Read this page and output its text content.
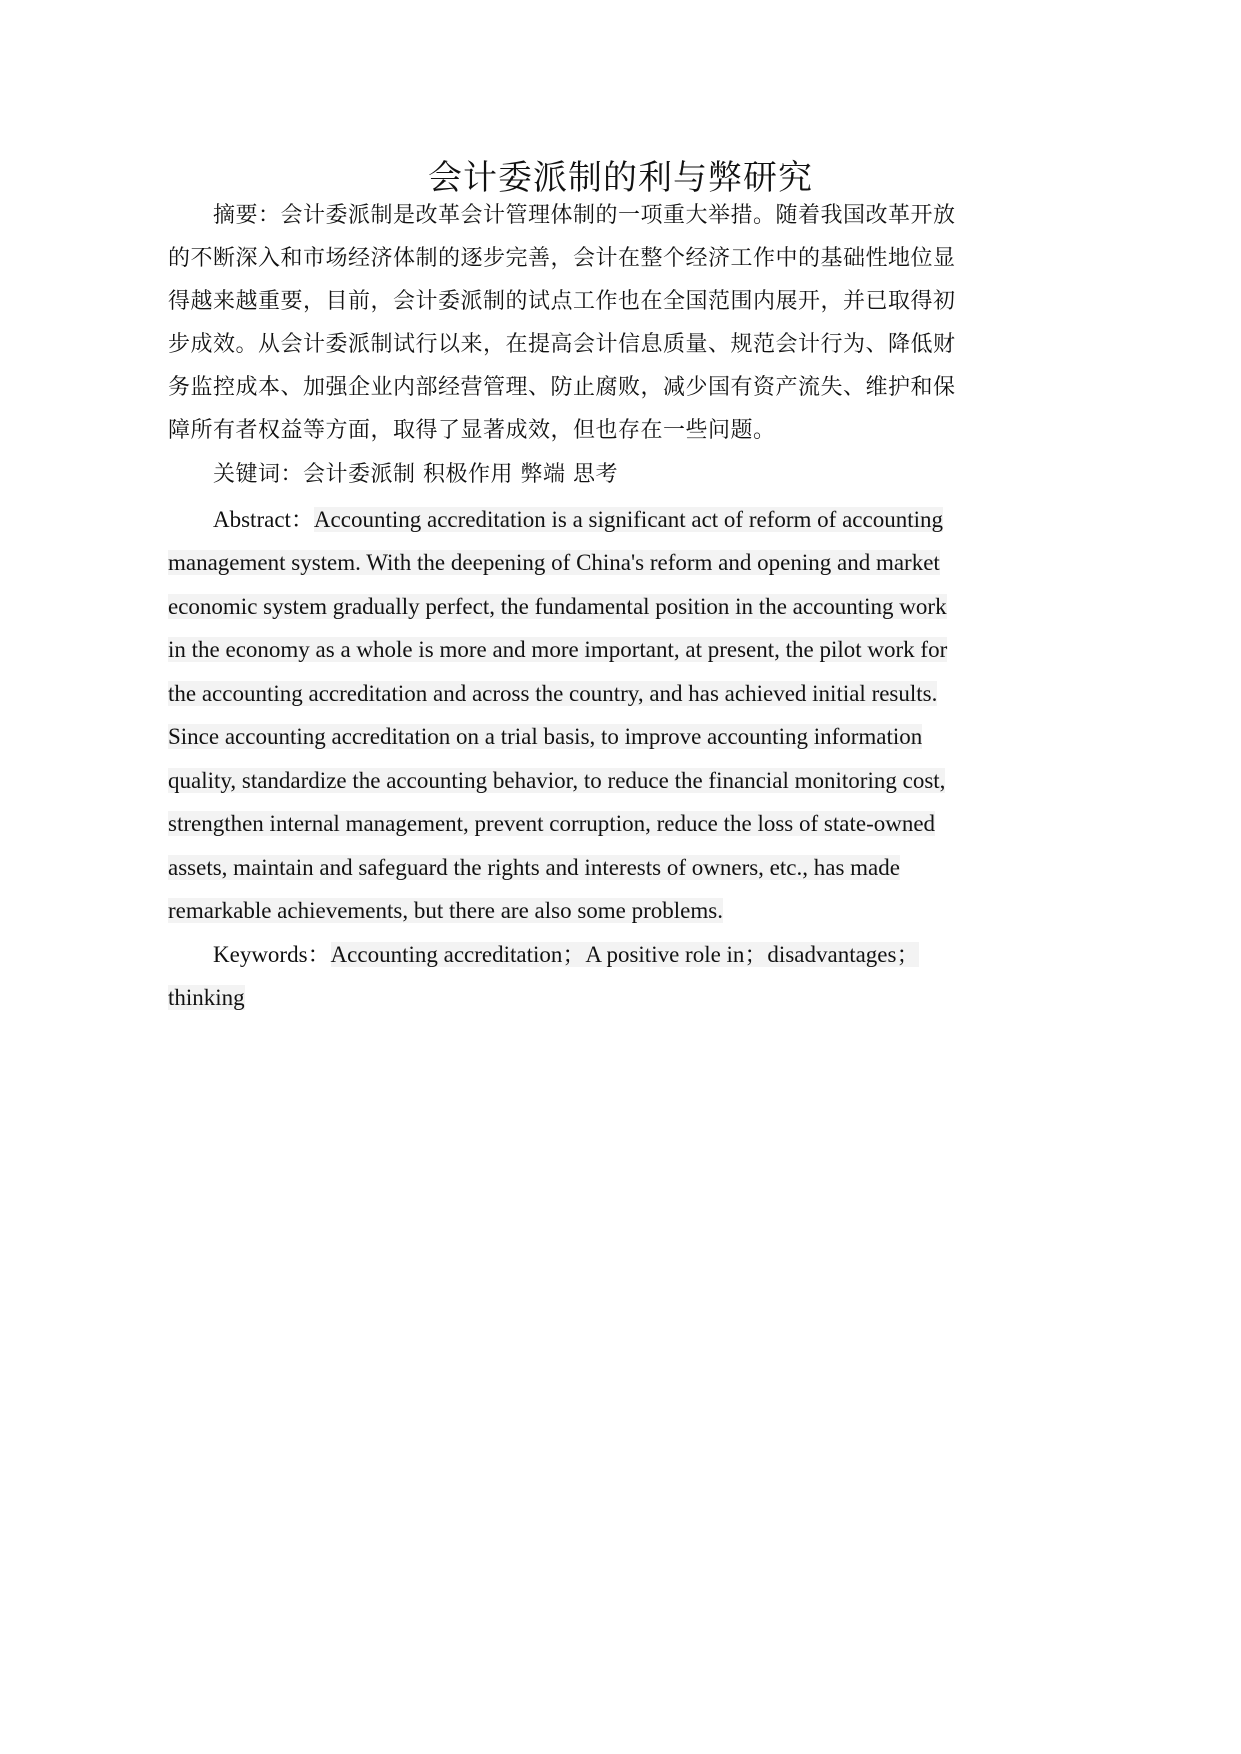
会计委派制的利与弊研究
摘要：会计委派制是改革会计管理体制的一项重大举措。随着我国改革开放
的不断深入和市场经济体制的逐步完善，会计在整个经济工作中的基础性地位显
得越来越重要，目前，会计委派制的试点工作也在全国范围内展开，并已取得初
步成效。从会计委派制试行以来，在提高会计信息质量、规范会计行为、降低财
务监控成本、加强企业内部经营管理、防止腐败，减少国有资产流失、维护和保
障所有者权益等方面，取得了显著成效，但也存在一些问题。
关键词：会计委派制 积极作用 弊端 思考
Abstract：Accounting accreditation is a significant act of reform of accounting
management system. With the deepening of China's reform and opening and market
economic system gradually perfect, the fundamental position in the accounting work
in the economy as a whole is more and more important, at present, the pilot work for
the accounting accreditation and across the country, and has achieved initial results.
Since accounting accreditation on a trial basis, to improve accounting information
quality, standardize the accounting behavior, to reduce the financial monitoring cost,
strengthen internal management, prevent corruption, reduce the loss of state-owned
assets, maintain and safeguard the rights and interests of owners, etc., has made
remarkable achievements, but there are also some problems.
Keywords：Accounting accreditation；A positive role in；disadvantages；
thinking
